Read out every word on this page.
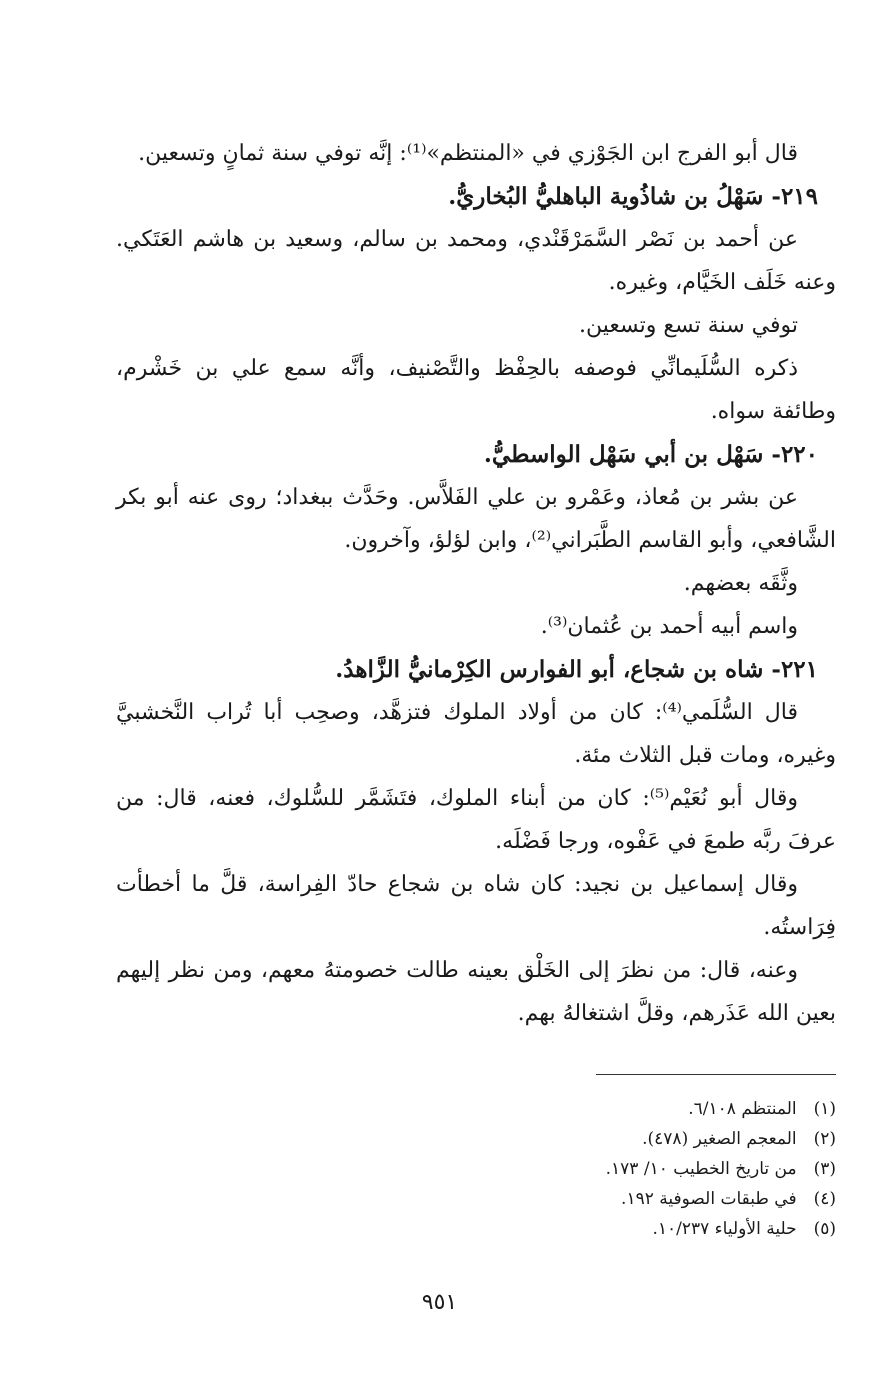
قال أبو الفرج ابن الجَوْزي في «المنتظم»⁽¹⁾: إنَّه توفي سنة ثمانٍ وتسعين.

٢١٩- سَهْلُ بن شاذُوية الباهليُّ البُخاريُّ.

عن أحمد بن نَصْر السَّمَرْقَنْدي، ومحمد بن سالم، وسعيد بن هاشم العَتَكي. وعنه خَلَف الخَيَّام، وغيره.

توفي سنة تسع وتسعين.

ذكره السُّلَيمانِّي فوصفه بالحِفْظ والتَّصْنيف، وأنَّه سمع علي بن خَشْرم، وطائفة سواه.

٢٢٠- سَهْل بن أبي سَهْل الواسطيُّ.

عن بشر بن مُعاذ، وعَمْرو بن علي الفَلاَّس. وحَدَّث ببغداد؛ روى عنه أبو بكر الشَّافعي، وأبو القاسم الطَّبَراني⁽²⁾، وابن لؤلؤ، وآخرون.

وثَّقَه بعضهم.

واسم أبيه أحمد بن عُثمان⁽³⁾.

٢٢١- شاه بن شجاع، أبو الفوارس الكِرْمانيُّ الزَّاهدُ.

قال السُّلَمي⁽⁴⁾: كان من أولاد الملوك فتزهَّد، وصحِب أبا تُراب النَّخشبيَّ وغيره، ومات قبل الثلاث مئة.

وقال أبو نُعَيْم⁽⁵⁾: كان من أبناء الملوك، فتَشَمَّر للسُّلوك، فعنه، قال: من عرفَ ربَّه طمعَ في عَفْوه، ورجا فَضْلَه.

وقال إسماعيل بن نجيد: كان شاه بن شجاع حادّ الفِراسة، قلَّ ما أخطأت فِرَاستُه.

وعنه، قال: من نظرَ إلى الخَلْق بعينه طالت خصومتهُ معهم، ومن نظر إليهم بعين الله عَذَرهم، وقلَّ اشتغالهُ بهم.

(١) المنتظم ٦/١٠٨.
(٢) المعجم الصغير (٤٧٨).
(٣) من تاريخ الخطيب ١٠/ ١٧٣.
(٤) في طبقات الصوفية ١٩٢.
(٥) حلية الأولياء ١٠/٢٣٧.
٩٥١
